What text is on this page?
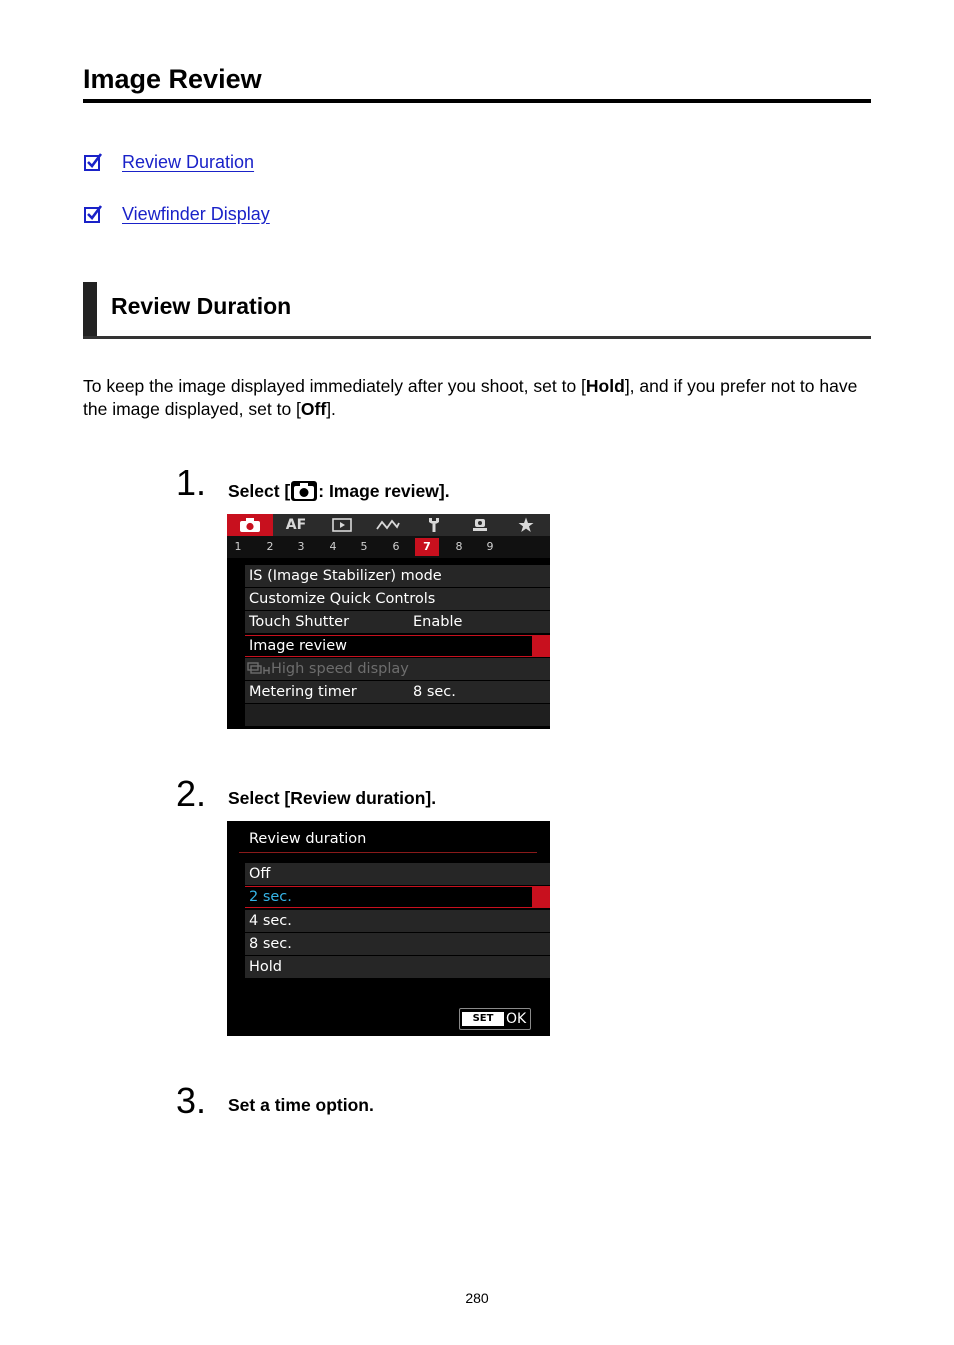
Image Review
Review Duration
Viewfinder Display
Review Duration

To keep the image displayed immediately after you shoot, set to [Hold], and if you prefer not to have the image displayed, set to [Off].

1. Select [ : Image review].
AF
1	2	3	4	5	6	7	8	9
IS (Image Stabilizer) mode
Customize Quick Controls
Touch Shutter	Enable
Image review
High speed display
Metering timer	8 sec.
2. Select [Review duration].
Review duration
Off
2 sec.
4 sec.
8 sec.
Hold
SET OK
3. Set a time option.
280
